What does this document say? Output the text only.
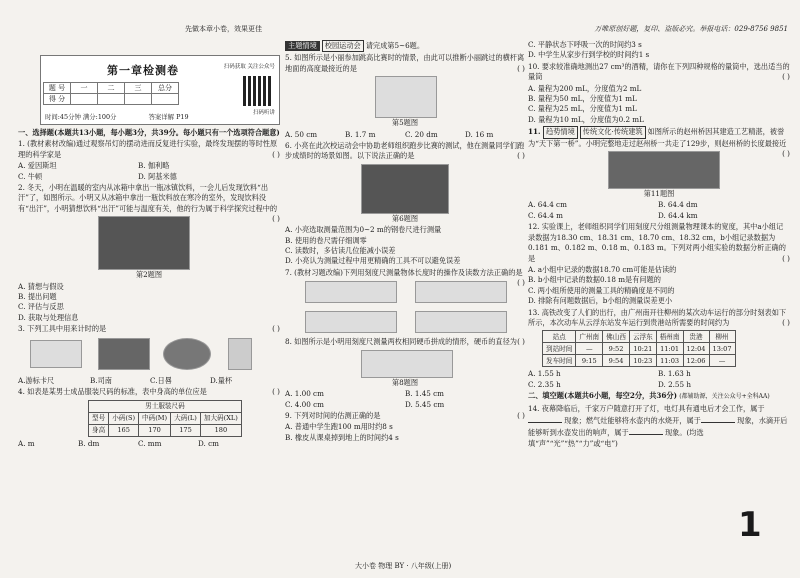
万唯原创好题，复印、盗版必究。举报电话：029-8756 9851
先做本章小卷，效果更佳
第一章检测卷
题 号	一	二	三	总分
得 分				
时间:45分钟 满分:100分	答案详解 P19
扫码获取 关注公众号
扫码听讲

一、选择题(本题共13小题，每小题3分，共39分。每小题只有一个选项符合题意)

1. (教材素材改编)通过观察吊灯的摆动进而反复进行实验，最终发现摆的等时性原理的科学家是	( )

A. 爱因斯坦	B. 伽利略
C. 牛顿	D. 阿基米德

2. 冬天，小明在温暖的室内从冰箱中拿出一瓶冰镇饮料，一会儿后发现饮料“出汗”了，如图所示。小明又从冰箱中拿出一瓶饮料放在寒冷的室外，发现饮料没有“出汗”，小明猜想饮料“出汗”可能与温度有关，他的行为属于科学探究过程中的
( )

第2题图

A. 猜想与假设
B. 提出问题
C. 评估与反思
D. 获取与处理信息

3. 下列工具中用来计时的是	( )

A.游标卡尺	B.司南	C.日晷	D.量杯

4. 如表是某男士成品服装尺码的标准，表中身高的单位应是	( )

男士服装尺码				
型号	小码(S)	中码(M)	大码(L)	加大码(XL)
身高	165	170	175	180

A. m	B. dm	C. mm	D. cm

主题情境 校园运动会 请完成第5~6题。

5. 如图所示是小丽参加跳高比赛时的情景，由此可以推断小丽跳过的横杆离地面的高度最接近的是	( )

第5题图

A. 50 cm	B. 1.7 m	C. 20 dm	D. 16 m

6. 小亮在此次校运动会中协助老师组织跑步比赛的测试，他在测量同学们跑步成绩时的场景如图。以下说法正确的是	( )

第6题图

A. 小亮选取测量范围为0~2 m的钢卷尺进行测量
B. 使用的卷尺需仔细调零
C. 读数时，多估读几位能减小误差
D. 小亮认为测量过程中用更精确的工具不可以避免误差

7. (教材习题改编)下列用刻度尺测量物体长度时的操作及读数方法正确的是
( )

8. 如图所示是小明用刻度尺测量两枚相同硬币拼成的情形，硬币的直径为 ( )

第8题图

A. 1.00 cm	B. 1.45 cm
C. 4.00 cm	D. 5.45 cm

9. 下列对时间的估测正确的是	( )

A. 普通中学生跑100 m用时约8 s
B. 橡皮从课桌掉到地上的时间约4 s

C. 平静状态下呼吸一次的时间约3 s
D. 中学生从家步行到学校的时间约1 s

10. 要求较准确地测出27 cm³的酒精，请你在下列四种规格的量筒中，选出适当的量筒	( )

A. 量程为200 mL，分度值为2 mL
B. 量程为50 mL，分度值为1 mL
C. 量程为25 mL，分度值为1 mL
D. 量程为10 mL，分度值为0.2 mL

11. 趋势情境 传统文化·传统建筑 如图所示的赵州桥因其建造工艺精湛，被誉为“天下第一桥”。小明完整地走过赵州桥一共走了129步，则赵州桥的长度最接近
( )

第11题图

A. 64.4 cm	B. 64.4 dm
C. 64.4 m	D. 64.4 km

12. 实验课上，老师组织同学们用刻度尺分组测量物理课本的宽度，其中a小组记录数据为18.30 cm、18.31 cm、18.70 cm、18.32 cm，b小组记录数据为0.181 m、0.182 m、0.18 m、0.183 m。下列对两小组实验的数据分析正确的是	( )

A. a小组中记录的数据18.70 cm可能是估读的
B. b小组中记录的数据0.18 m是有问题的
C. 两小组所使用的测量工具的精确度是不同的
D. 排除有问题数据后，b小组的测量误差更小

13. 高铁改变了人们的出行，由广州南开往柳州的某次动车运行的部分时刻表如下所示，本次动车从云浮东站发车运行到贵港站所需要的时间约为	( )

站点	广州南	佛山西	云浮东	梧州南	贵港	柳州
到站时间	—	9:52	10:21	11:01	12:04	13:07
发车时间	9:15	9:54	10:23	11:03	12:06	—

A. 1.55 h	B. 1.63 h
C. 2.35 h	D. 2.55 h

二、填空题(本题共6小题，每空2分，共36分) (都辅助源，关注公众号+全科AA)

14. 夜幕降临后，千家万户随意打开了灯，电灯具有通电后才会工作，属于 现象；燃气灶能够将水壶内的水烧开，属于	现象，水滴开后能够听到水壶发出的响声，属于	现象。(均选填“声”“光”“热”“力”或“电”)

大小卷 物理 BY · 八年级(上册)
1
